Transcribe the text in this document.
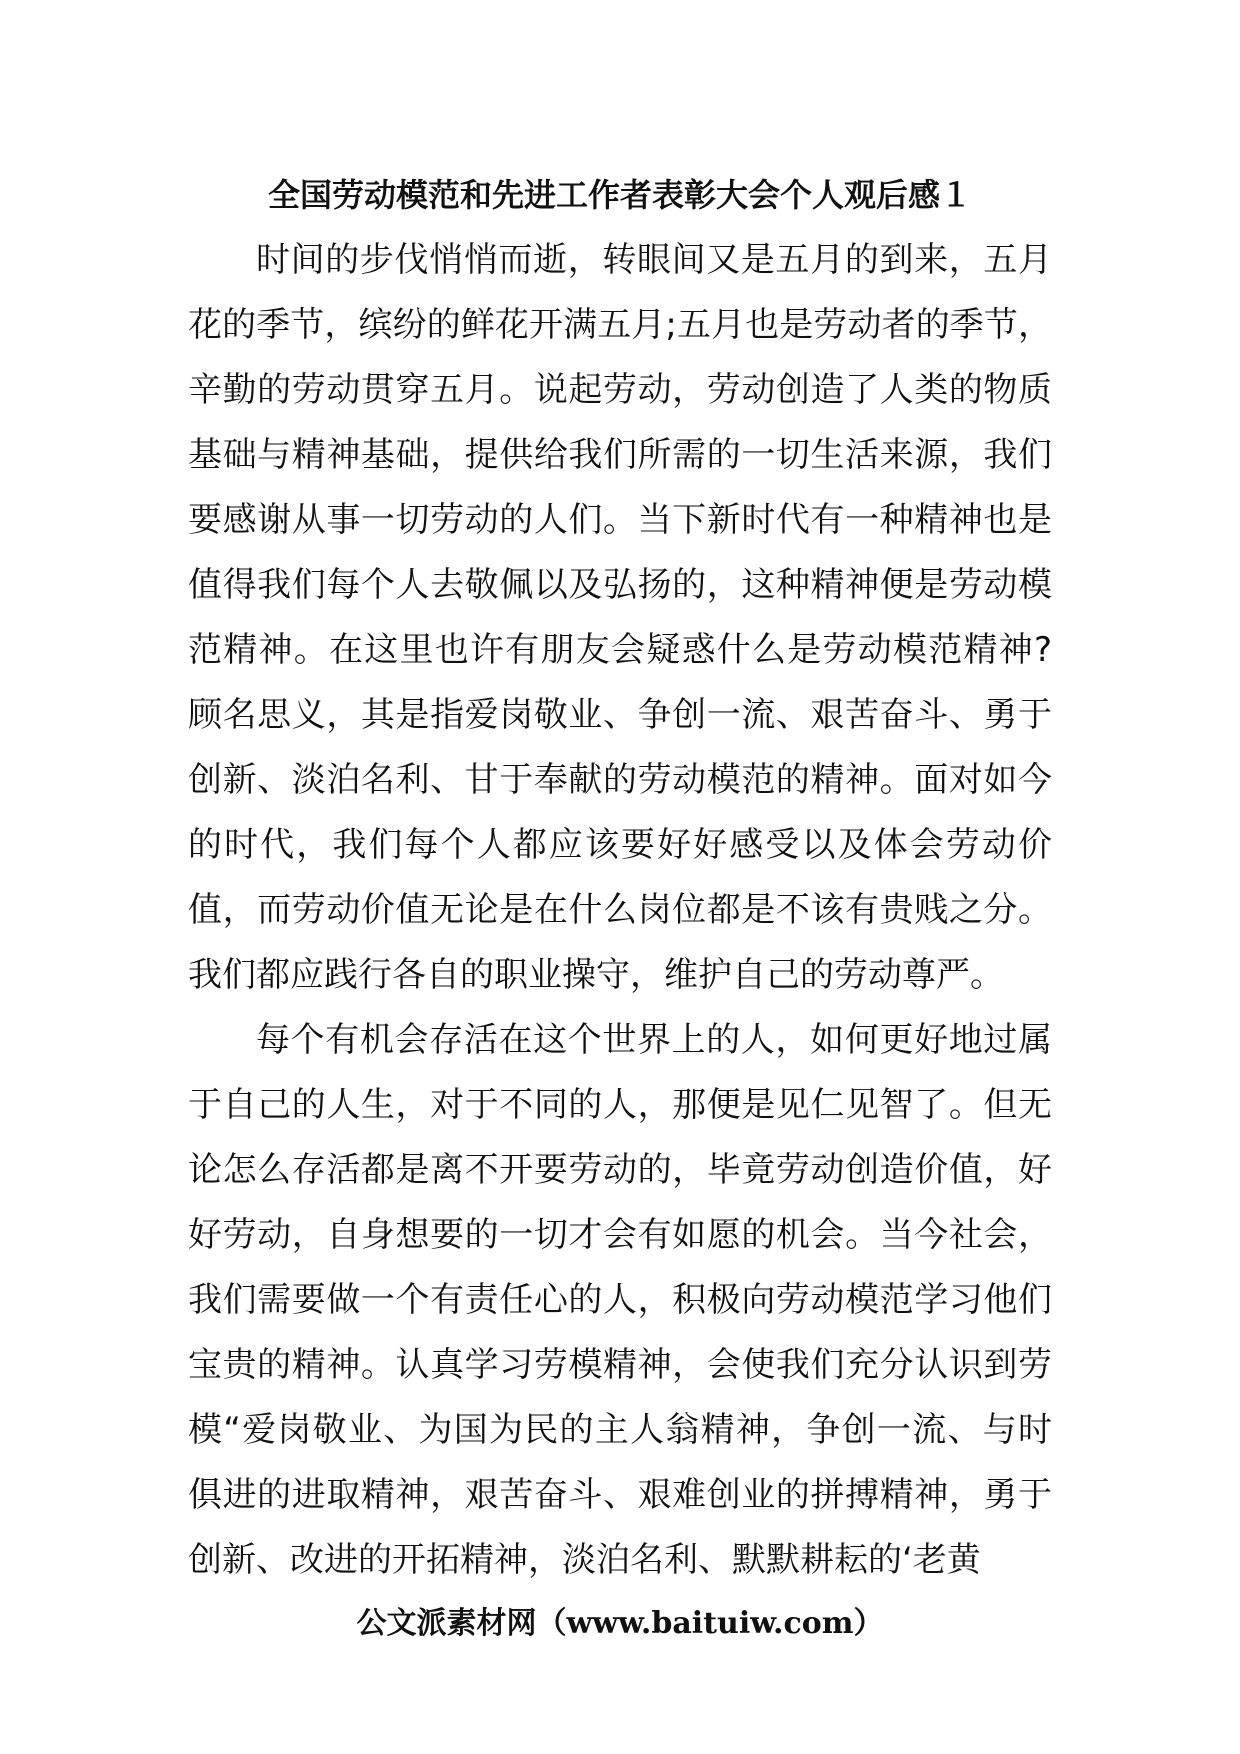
全国劳动模范和先进工作者表彰大会个人观后感１

时间的步伐悄悄而逝，转眼间又是五月的到来，五月花的季节，缤纷的鲜花开满五月;五月也是劳动者的季节，辛勤的劳动贯穿五月。说起劳动，劳动创造了人类的物质基础与精神基础，提供给我们所需的一切生活来源，我们要感谢从事一切劳动的人们。当下新时代有一种精神也是值得我们每个人去敬佩以及弘扬的，这种精神便是劳动模范精神。在这里也许有朋友会疑惑什么是劳动模范精神?顾名思义，其是指爱岗敬业、争创一流、艰苦奋斗、勇于创新、淡泊名利、甘于奉献的劳动模范的精神。面对如今的时代，我们每个人都应该要好好感受以及体会劳动价值，而劳动价值无论是在什么岗位都是不该有贵贱之分。我们都应践行各自的职业操守，维护自己的劳动尊严。

每个有机会存活在这个世界上的人，如何更好地过属于自己的人生，对于不同的人，那便是见仁见智了。但无论怎么存活都是离不开要劳动的，毕竟劳动创造价值，好好劳动，自身想要的一切才会有如愿的机会。当今社会，我们需要做一个有责任心的人，积极向劳动模范学习他们宝贵的精神。认真学习劳模精神，会使我们充分认识到劳模“爱岗敬业、为国为民的主人翁精神，争创一流、与时俱进的进取精神，艰苦奋斗、艰难创业的拼搏精神，勇于创新、改进的开拓精神，淡泊名利、默默耕耘的‘老黄

公文派素材网（www.baituiw.com）
